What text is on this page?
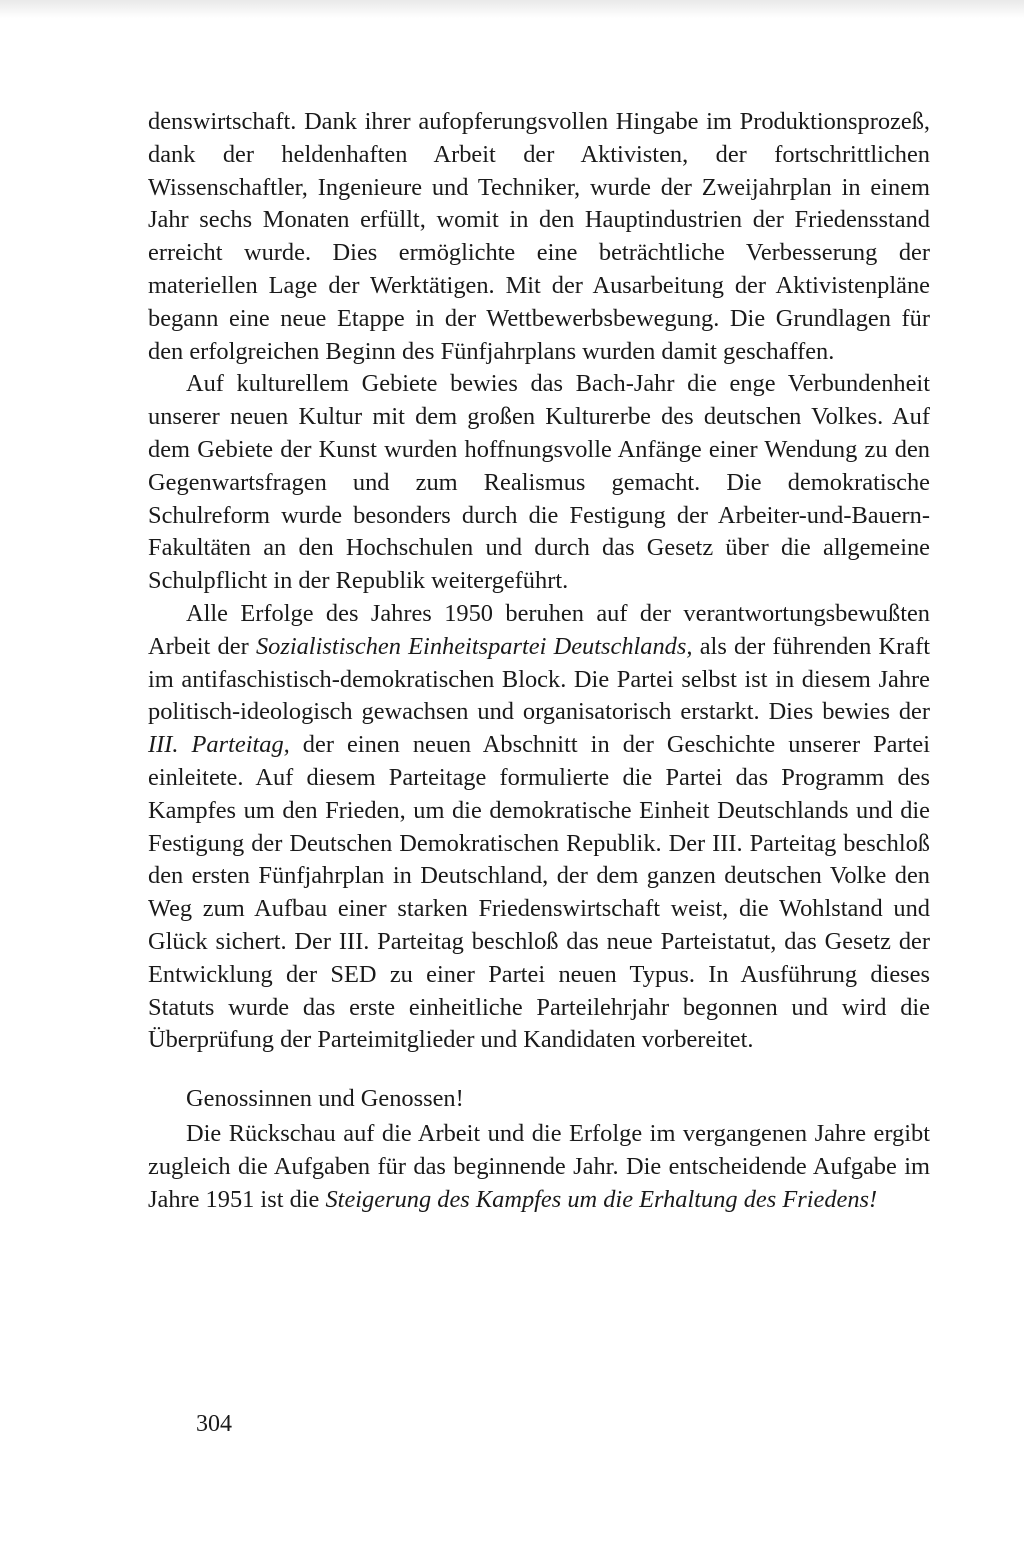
denswirtschaft. Dank ihrer aufopferungsvollen Hingabe im Produktionsprozeß, dank der heldenhaften Arbeit der Aktivisten, der fortschrittlichen Wissenschaftler, Ingenieure und Techniker, wurde der Zweijahrplan in einem Jahr sechs Monaten erfüllt, womit in den Hauptindustrien der Friedensstand erreicht wurde. Dies ermöglichte eine beträchtliche Verbesserung der materiellen Lage der Werktätigen. Mit der Ausarbeitung der Aktivistenpläne begann eine neue Etappe in der Wettbewerbsbewegung. Die Grundlagen für den erfolgreichen Beginn des Fünfjahrplans wurden damit geschaffen.

Auf kulturellem Gebiete bewies das Bach-Jahr die enge Verbundenheit unserer neuen Kultur mit dem großen Kulturerbe des deutschen Volkes. Auf dem Gebiete der Kunst wurden hoffnungsvolle Anfänge einer Wendung zu den Gegenwartsfragen und zum Realismus gemacht. Die demokratische Schulreform wurde besonders durch die Festigung der Arbeiter-und-Bauern-Fakultäten an den Hochschulen und durch das Gesetz über die allgemeine Schulpflicht in der Republik weitergeführt.

Alle Erfolge des Jahres 1950 beruhen auf der verantwortungsbewußten Arbeit der Sozialistischen Einheitspartei Deutschlands, als der führenden Kraft im antifaschistisch-demokratischen Block. Die Partei selbst ist in diesem Jahre politisch-ideologisch gewachsen und organisatorisch erstarkt. Dies bewies der III. Parteitag, der einen neuen Abschnitt in der Geschichte unserer Partei einleitete. Auf diesem Parteitage formulierte die Partei das Programm des Kampfes um den Frieden, um die demokratische Einheit Deutschlands und die Festigung der Deutschen Demokratischen Republik. Der III. Parteitag beschloß den ersten Fünfjahrplan in Deutschland, der dem ganzen deutschen Volke den Weg zum Aufbau einer starken Friedenswirtschaft weist, die Wohlstand und Glück sichert. Der III. Parteitag beschloß das neue Parteistatut, das Gesetz der Entwicklung der SED zu einer Partei neuen Typus. In Ausführung dieses Statuts wurde das erste einheitliche Parteilehrjahr begonnen und wird die Überprüfung der Parteimitglieder und Kandidaten vorbereitet.

Genossinnen und Genossen!

Die Rückschau auf die Arbeit und die Erfolge im vergangenen Jahre ergibt zugleich die Aufgaben für das beginnende Jahr. Die entscheidende Aufgabe im Jahre 1951 ist die Steigerung des Kampfes um die Erhaltung des Friedens!

304
